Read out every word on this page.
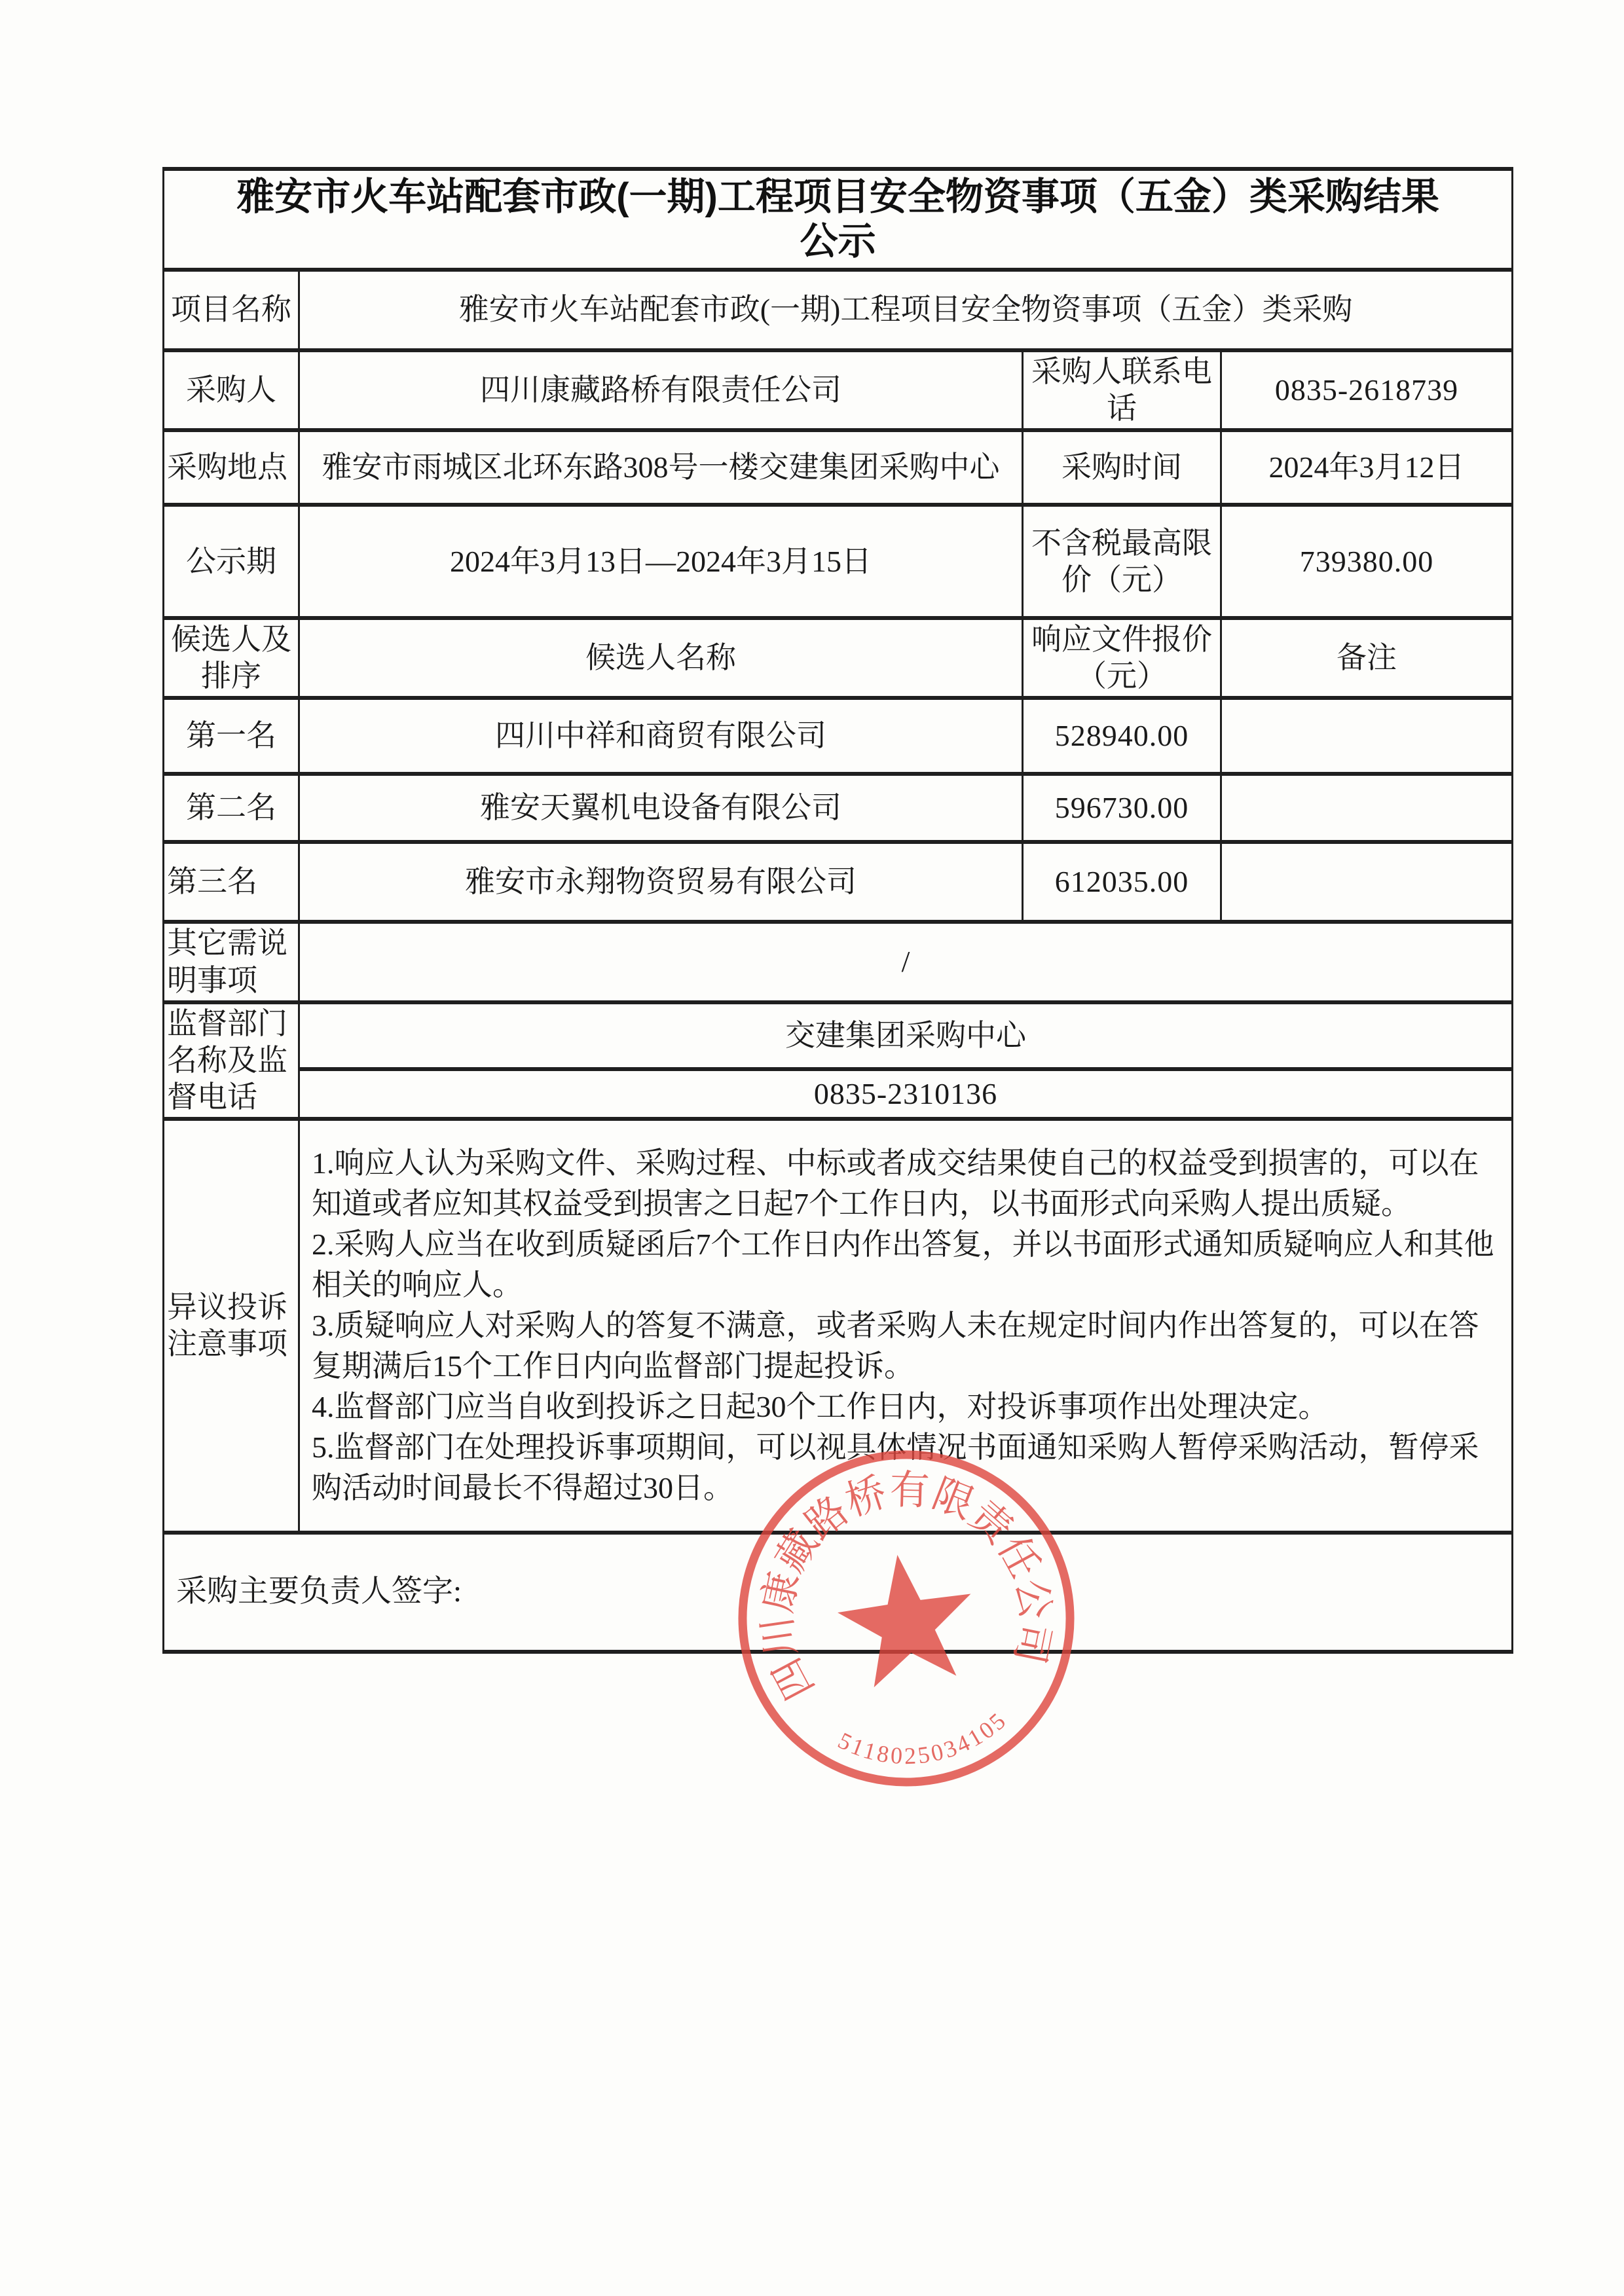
雅安市火车站配套市政(一期)工程项目安全物资事项（五金）类采购结果
公示			

项目名称	雅安市火车站配套市政(一期)工程项目安全物资事项（五金）类采购		
采购人	四川康藏路桥有限责任公司	采购人联系电话	0835-2618739
采购地点	雅安市雨城区北环东路308号一楼交建集团采购中心	采购时间	2024年3月12日
公示期	2024年3月13日—2024年3月15日	不含税最高限价（元）	739380.00
候选人及排序	候选人名称	响应文件报价（元）	备注
第一名	四川中祥和商贸有限公司	528940.00	
第二名	雅安天翼机电设备有限公司	596730.00	
第三名	雅安市永翔物资贸易有限公司	612035.00	
其它需说明事项	/		
监督部门名称及监督电话	交建集团采购中心		
	0835-2310136		
异议投诉注意事项	1.响应人认为采购文件、采购过程、中标或者成交结果使自己的权益受到损害的，可以在知道或者应知其权益受到损害之日起7个工作日内，以书面形式向采购人提出质疑。
2.采购人应当在收到质疑函后7个工作日内作出答复，并以书面形式通知质疑响应人和其他相关的响应人。
3.质疑响应人对采购人的答复不满意，或者采购人未在规定时间内作出答复的，可以在答复期满后15个工作日内向监督部门提起投诉。
4.监督部门应当自收到投诉之日起30个工作日内，对投诉事项作出处理决定。
5.监督部门在处理投诉事项期间，可以视具体情况书面通知采购人暂停采购活动，暂停采购活动时间最长不得超过30日。		

采购主要负责人签字:			
四川康藏路桥有限责任公司
5118025034105
